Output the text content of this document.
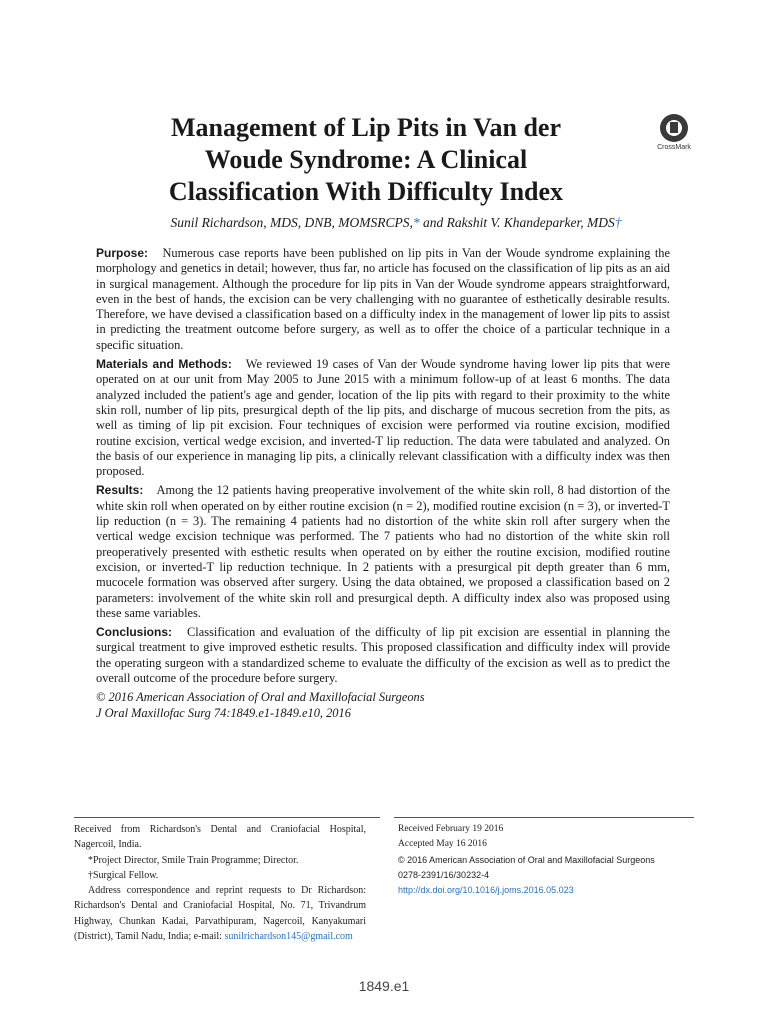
Management of Lip Pits in Van der
Woude Syndrome: A Clinical
Classification With Difficulty Index
CrossMark
Sunil Richardson, MDS, DNB, MOMSRCPS,* and Rakshit V. Khandeparker, MDS†

Purpose: Numerous case reports have been published on lip pits in Van der Woude syndrome explaining the morphology and genetics in detail; however, thus far, no article has focused on the classification of lip pits as an aid in surgical management. Although the procedure for lip pits in Van der Woude syndrome appears straightforward, even in the best of hands, the excision can be very challenging with no guarantee of esthetically desirable results. Therefore, we have devised a classification based on a difficulty index in the management of lower lip pits to assist in predicting the treatment outcome before surgery, as well as to offer the choice of a particular technique in a specific situation.

Materials and Methods: We reviewed 19 cases of Van der Woude syndrome having lower lip pits that were operated on at our unit from May 2005 to June 2015 with a minimum follow-up of at least 6 months. The data analyzed included the patient's age and gender, location of the lip pits with regard to their proximity to the white skin roll, number of lip pits, presurgical depth of the lip pits, and discharge of mucous secretion from the pits, as well as timing of lip pit excision. Four techniques of excision were performed via routine excision, modified routine excision, vertical wedge excision, and inverted-T lip reduction. The data were tabulated and analyzed. On the basis of our experience in managing lip pits, a clinically relevant classification with a difficulty index was then proposed.

Results: Among the 12 patients having preoperative involvement of the white skin roll, 8 had distortion of the white skin roll when operated on by either routine excision (n = 2), modified routine excision (n = 3), or inverted-T lip reduction (n = 3). The remaining 4 patients had no distortion of the white skin roll after surgery when the vertical wedge excision technique was performed. The 7 patients who had no distortion of the white skin roll preoperatively presented with esthetic results when operated on by either the routine excision, modified routine excision, or inverted-T lip reduction technique. In 2 patients with a presurgical pit depth greater than 6 mm, mucocele formation was observed after surgery. Using the data obtained, we proposed a classification based on 2 parameters: involvement of the white skin roll and presurgical depth. A difficulty index also was proposed using these same variables.

Conclusions: Classification and evaluation of the difficulty of lip pit excision are essential in planning the surgical treatment to give improved esthetic results. This proposed classification and difficulty index will provide the operating surgeon with a standardized scheme to evaluate the difficulty of the excision as well as to predict the overall outcome of the procedure before surgery.

© 2016 American Association of Oral and Maxillofacial Surgeons

J Oral Maxillofac Surg 74:1849.e1-1849.e10, 2016

Received from Richardson's Dental and Craniofacial Hospital, Nagercoil, India.

*Project Director, Smile Train Programme; Director.

†Surgical Fellow.

Address correspondence and reprint requests to Dr Richardson: Richardson's Dental and Craniofacial Hospital, No. 71, Trivandrum Highway, Chunkan Kadai, Parvathipuram, Nagercoil, Kanyakumari (District), Tamil Nadu, India; e-mail: sunilrichardson145@gmail.com

Received February 19 2016

Accepted May 16 2016

© 2016 American Association of Oral and Maxillofacial Surgeons

0278-2391/16/30232-4

http://dx.doi.org/10.1016/j.joms.2016.05.023

1849.e1
